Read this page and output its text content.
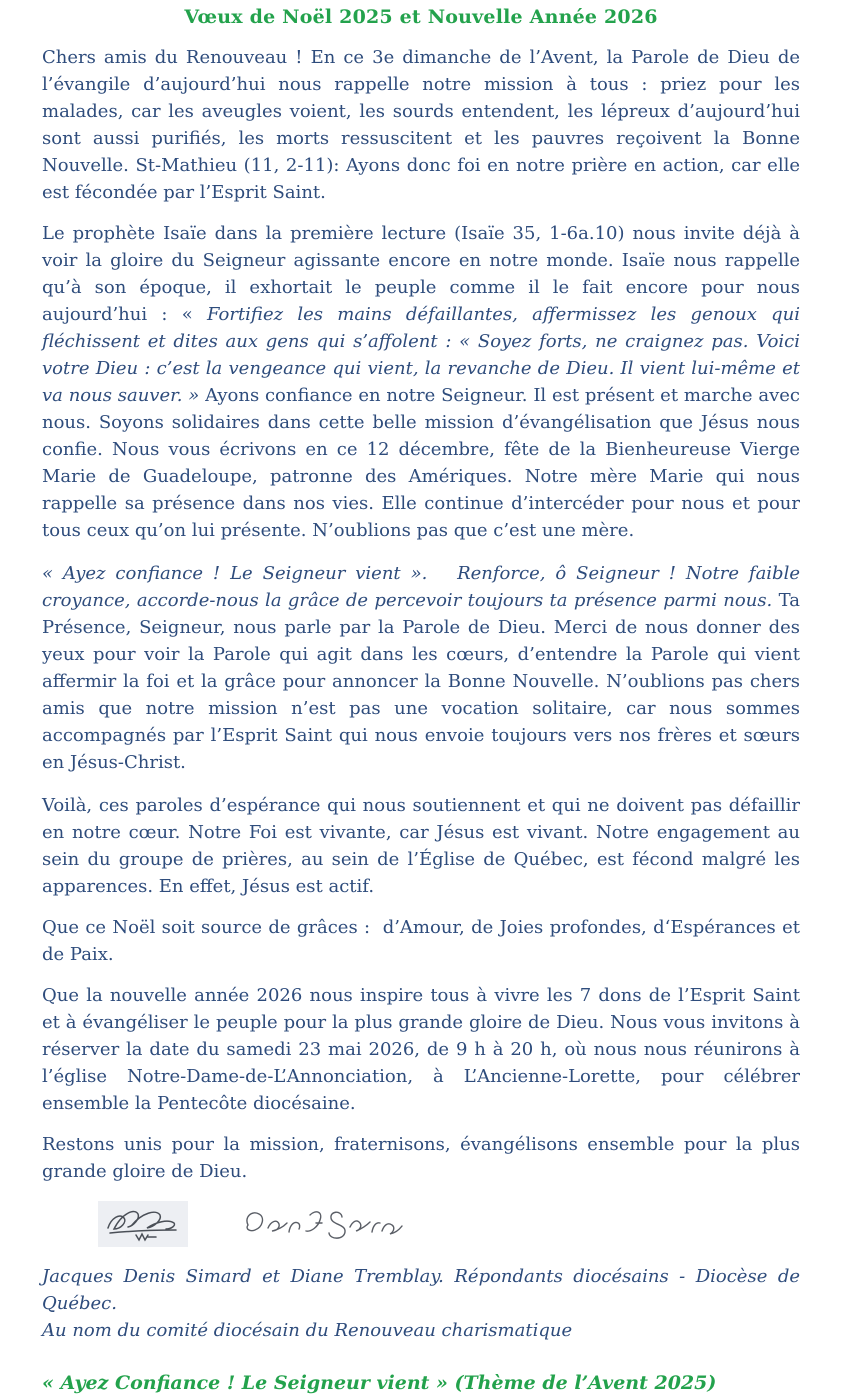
Vœux de Noël 2025 et Nouvelle Année 2026

Chers amis du Renouveau ! En ce 3e dimanche de l’Avent, la Parole de Dieu de l’évangile d’aujourd’hui nous rappelle notre mission à tous : priez pour les malades, car les aveugles voient, les sourds entendent, les lépreux d’aujourd’hui sont aussi purifiés, les morts ressuscitent et les pauvres reçoivent la Bonne Nouvelle. St-Mathieu (11, 2-11): Ayons donc foi en notre prière en action, car elle est fécondée par l’Esprit Saint.

Le prophète Isaïe dans la première lecture (Isaïe 35, 1-6a.10) nous invite déjà à voir la gloire du Seigneur agissante encore en notre monde. Isaïe nous rappelle qu’à son époque, il exhortait le peuple comme il le fait encore pour nous aujourd’hui : « Fortifiez les mains défaillantes, affermissez les genoux qui fléchissent et dites aux gens qui s’affolent : « Soyez forts, ne craignez pas. Voici votre Dieu : c’est la vengeance qui vient, la revanche de Dieu. Il vient lui-même et va nous sauver. » Ayons confiance en notre Seigneur. Il est présent et marche avec nous. Soyons solidaires dans cette belle mission d’évangélisation que Jésus nous confie. Nous vous écrivons en ce 12 décembre, fête de la Bienheureuse Vierge Marie de Guadeloupe, patronne des Amériques. Notre mère Marie qui nous rappelle sa présence dans nos vies. Elle continue d’intercéder pour nous et pour tous ceux qu’on lui présente. N’oublions pas que c’est une mère.

« Ayez confiance ! Le Seigneur vient ».   Renforce, ô Seigneur ! Notre faible croyance, accorde-nous la grâce de percevoir toujours ta présence parmi nous. Ta Présence, Seigneur, nous parle par la Parole de Dieu. Merci de nous donner des yeux pour voir la Parole qui agit dans les cœurs, d’entendre la Parole qui vient affermir la foi et la grâce pour annoncer la Bonne Nouvelle. N’oublions pas chers amis que notre mission n’est pas une vocation solitaire, car nous sommes accompagnés par l’Esprit Saint qui nous envoie toujours vers nos frères et sœurs en Jésus-Christ.

Voilà, ces paroles d’espérance qui nous soutiennent et qui ne doivent pas défaillir en notre cœur. Notre Foi est vivante, car Jésus est vivant. Notre engagement au sein du groupe de prières, au sein de l’Église de Québec, est fécond malgré les apparences. En effet, Jésus est actif.

Que ce Noël soit source de grâces :  d’Amour, de Joies profondes, d‘Espérances et de Paix.

Que la nouvelle année 2026 nous inspire tous à vivre les 7 dons de l’Esprit Saint et à évangéliser le peuple pour la plus grande gloire de Dieu. Nous vous invitons à réserver la date du samedi 23 mai 2026, de 9 h à 20 h, où nous nous réunirons à l’église Notre-Dame-de-L’Annonciation, à L’Ancienne-Lorette, pour célébrer ensemble la Pentecôte diocésaine.

Restons unis pour la mission, fraternisons, évangélisons ensemble pour la plus grande gloire de Dieu.

Jacques Denis Simard et Diane Tremblay. Répondants diocésains - Diocèse de Québec.

Au nom du comité diocésain du Renouveau charismatique

« Ayez Confiance ! Le Seigneur vient » (Thème de l’Avent 2025)
